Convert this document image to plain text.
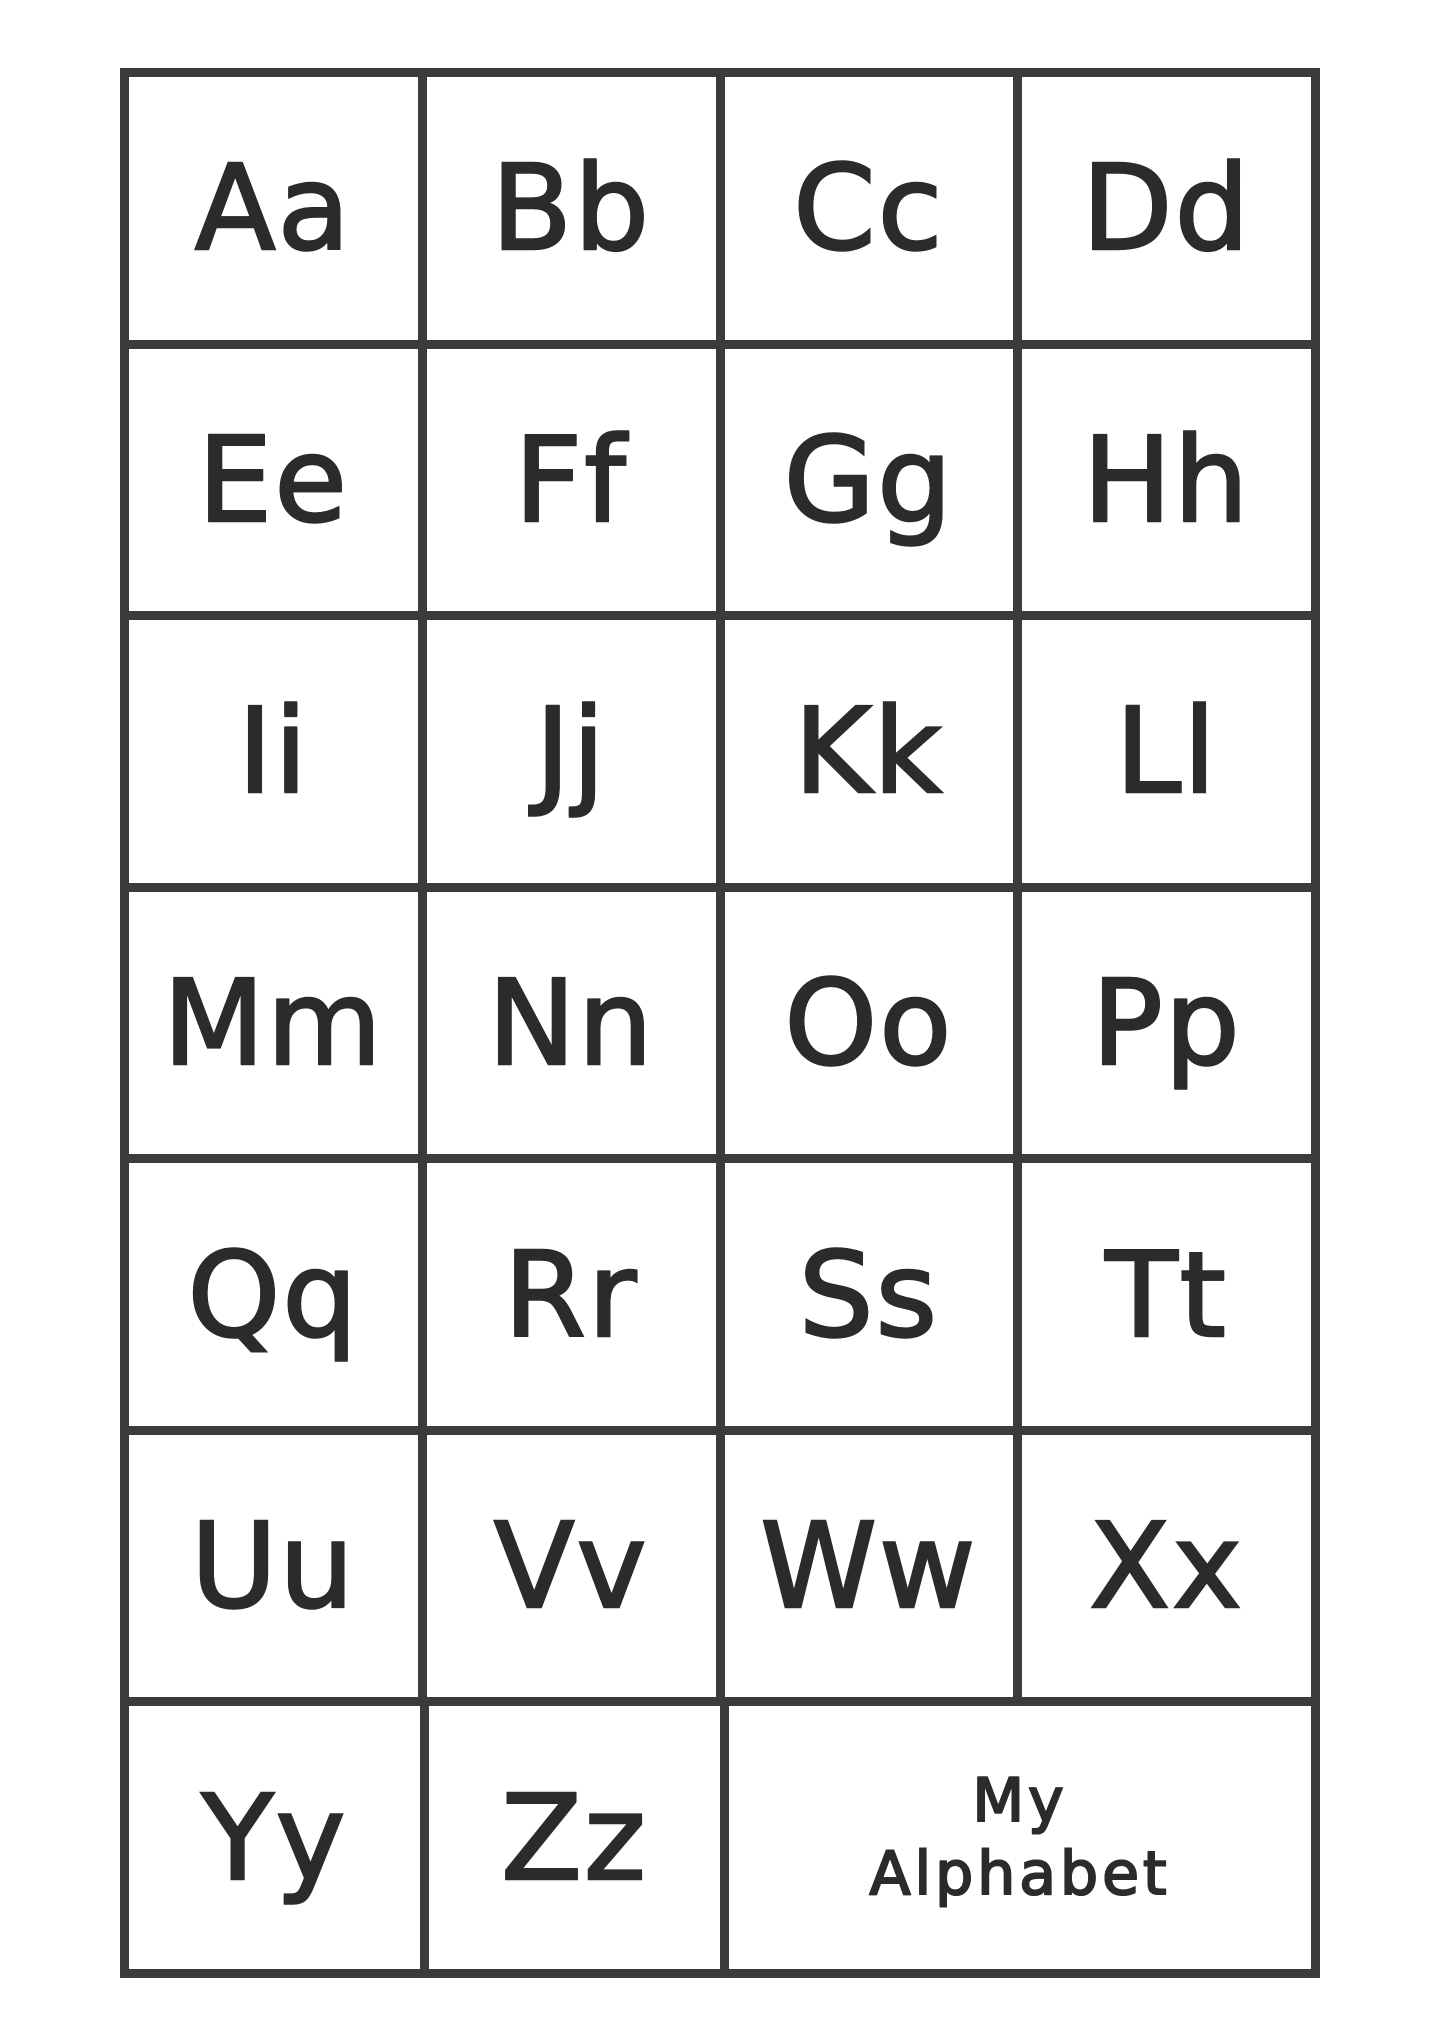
Aa Bb Cc Dd
Ee Ff Gg Hh
Ii Jj Kk Ll
Mm Nn Oo Pp
Qq Rr Ss Tt
Uu Vv Ww Xx
Yy Zz	My
Alphabet
